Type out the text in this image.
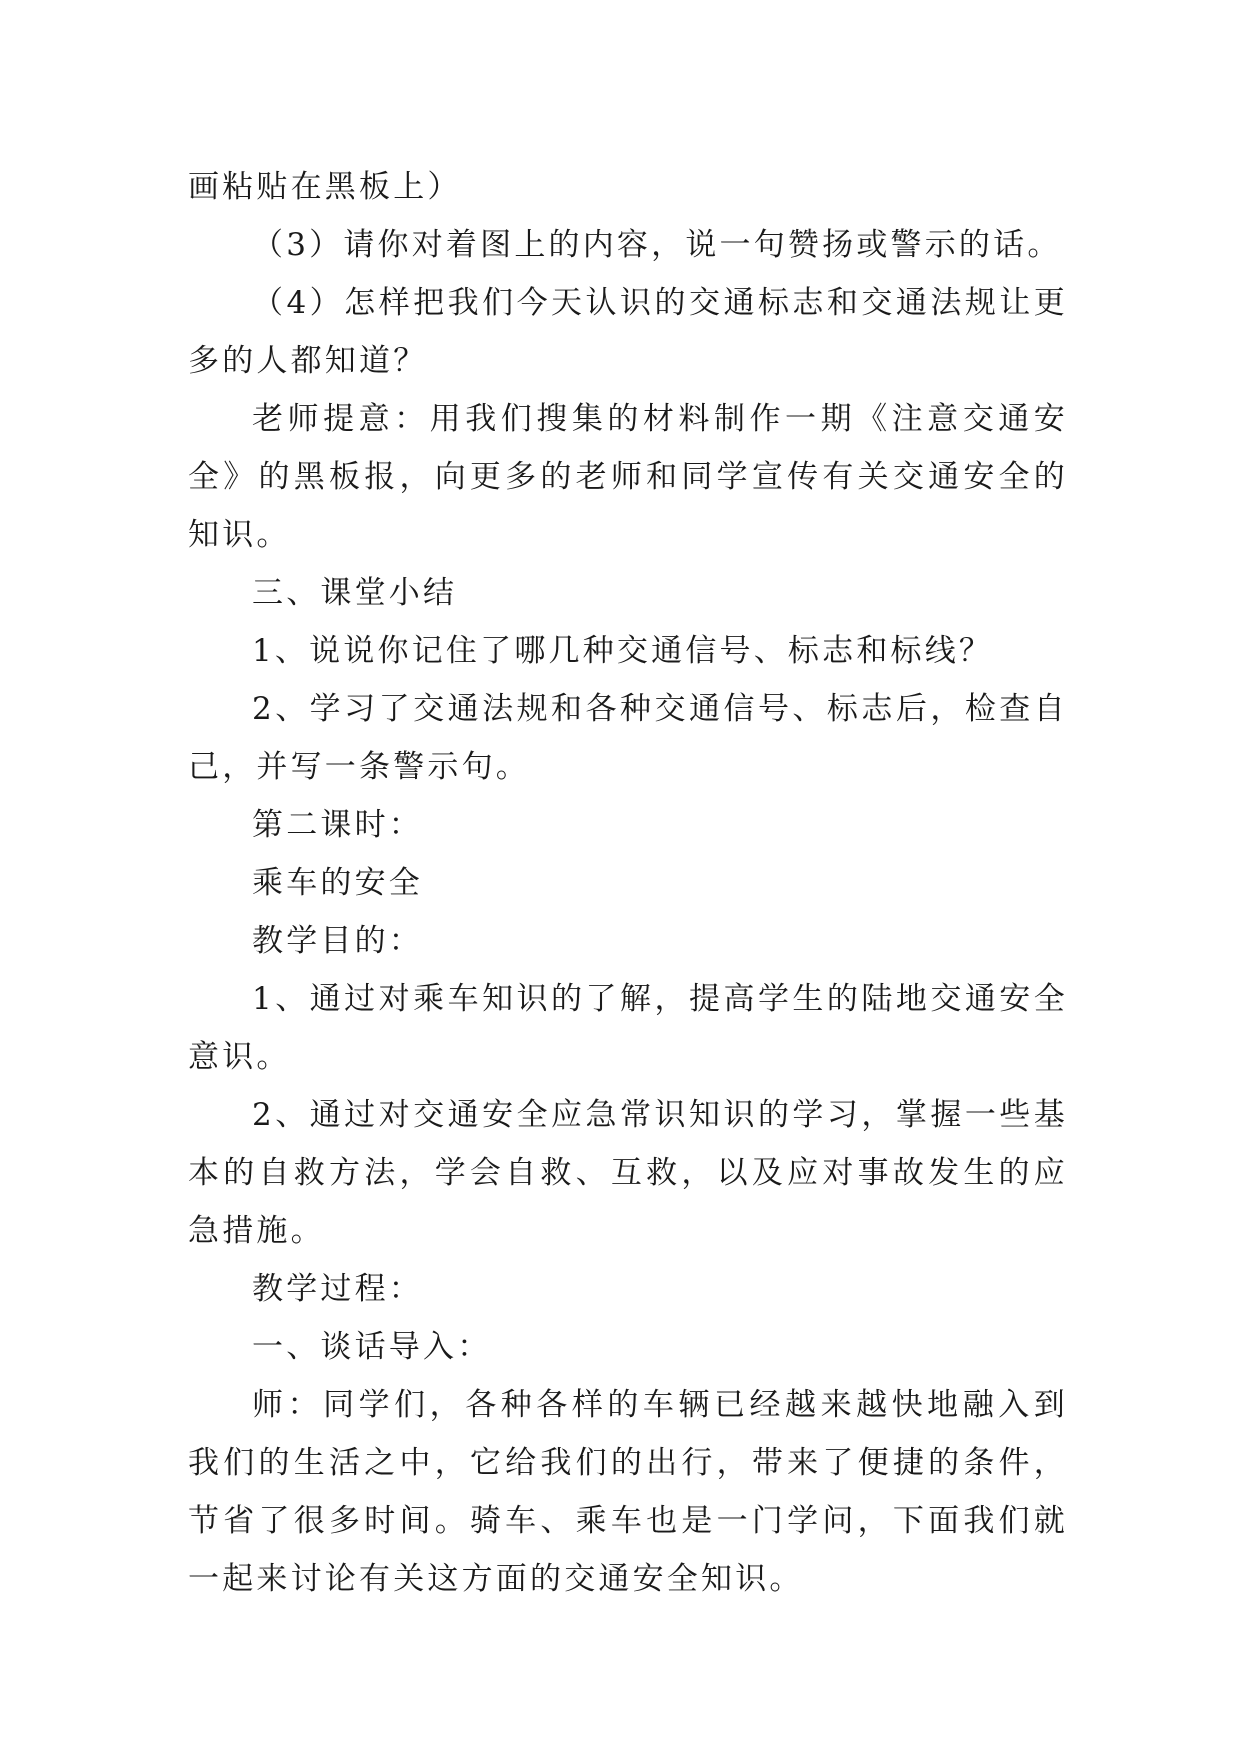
画粘贴在黑板上）

（3）请你对着图上的内容，说一句赞扬或警示的话。

（4）怎样把我们今天认识的交通标志和交通法规让更多的人都知道？

老师提意：用我们搜集的材料制作一期《注意交通安全》的黑板报，向更多的老师和同学宣传有关交通安全的知识。

三、课堂小结

1、说说你记住了哪几种交通信号、标志和标线？

2、学习了交通法规和各种交通信号、标志后，检查自己，并写一条警示句。

第二课时：

乘车的安全

教学目的：

1、通过对乘车知识的了解，提高学生的陆地交通安全意识。

2、通过对交通安全应急常识知识的学习，掌握一些基本的自救方法，学会自救、互救，以及应对事故发生的应急措施。

教学过程：

一、谈话导入：

师：同学们，各种各样的车辆已经越来越快地融入到我们的生活之中，它给我们的出行，带来了便捷的条件，节省了很多时间。骑车、乘车也是一门学问，下面我们就一起来讨论有关这方面的交通安全知识。
